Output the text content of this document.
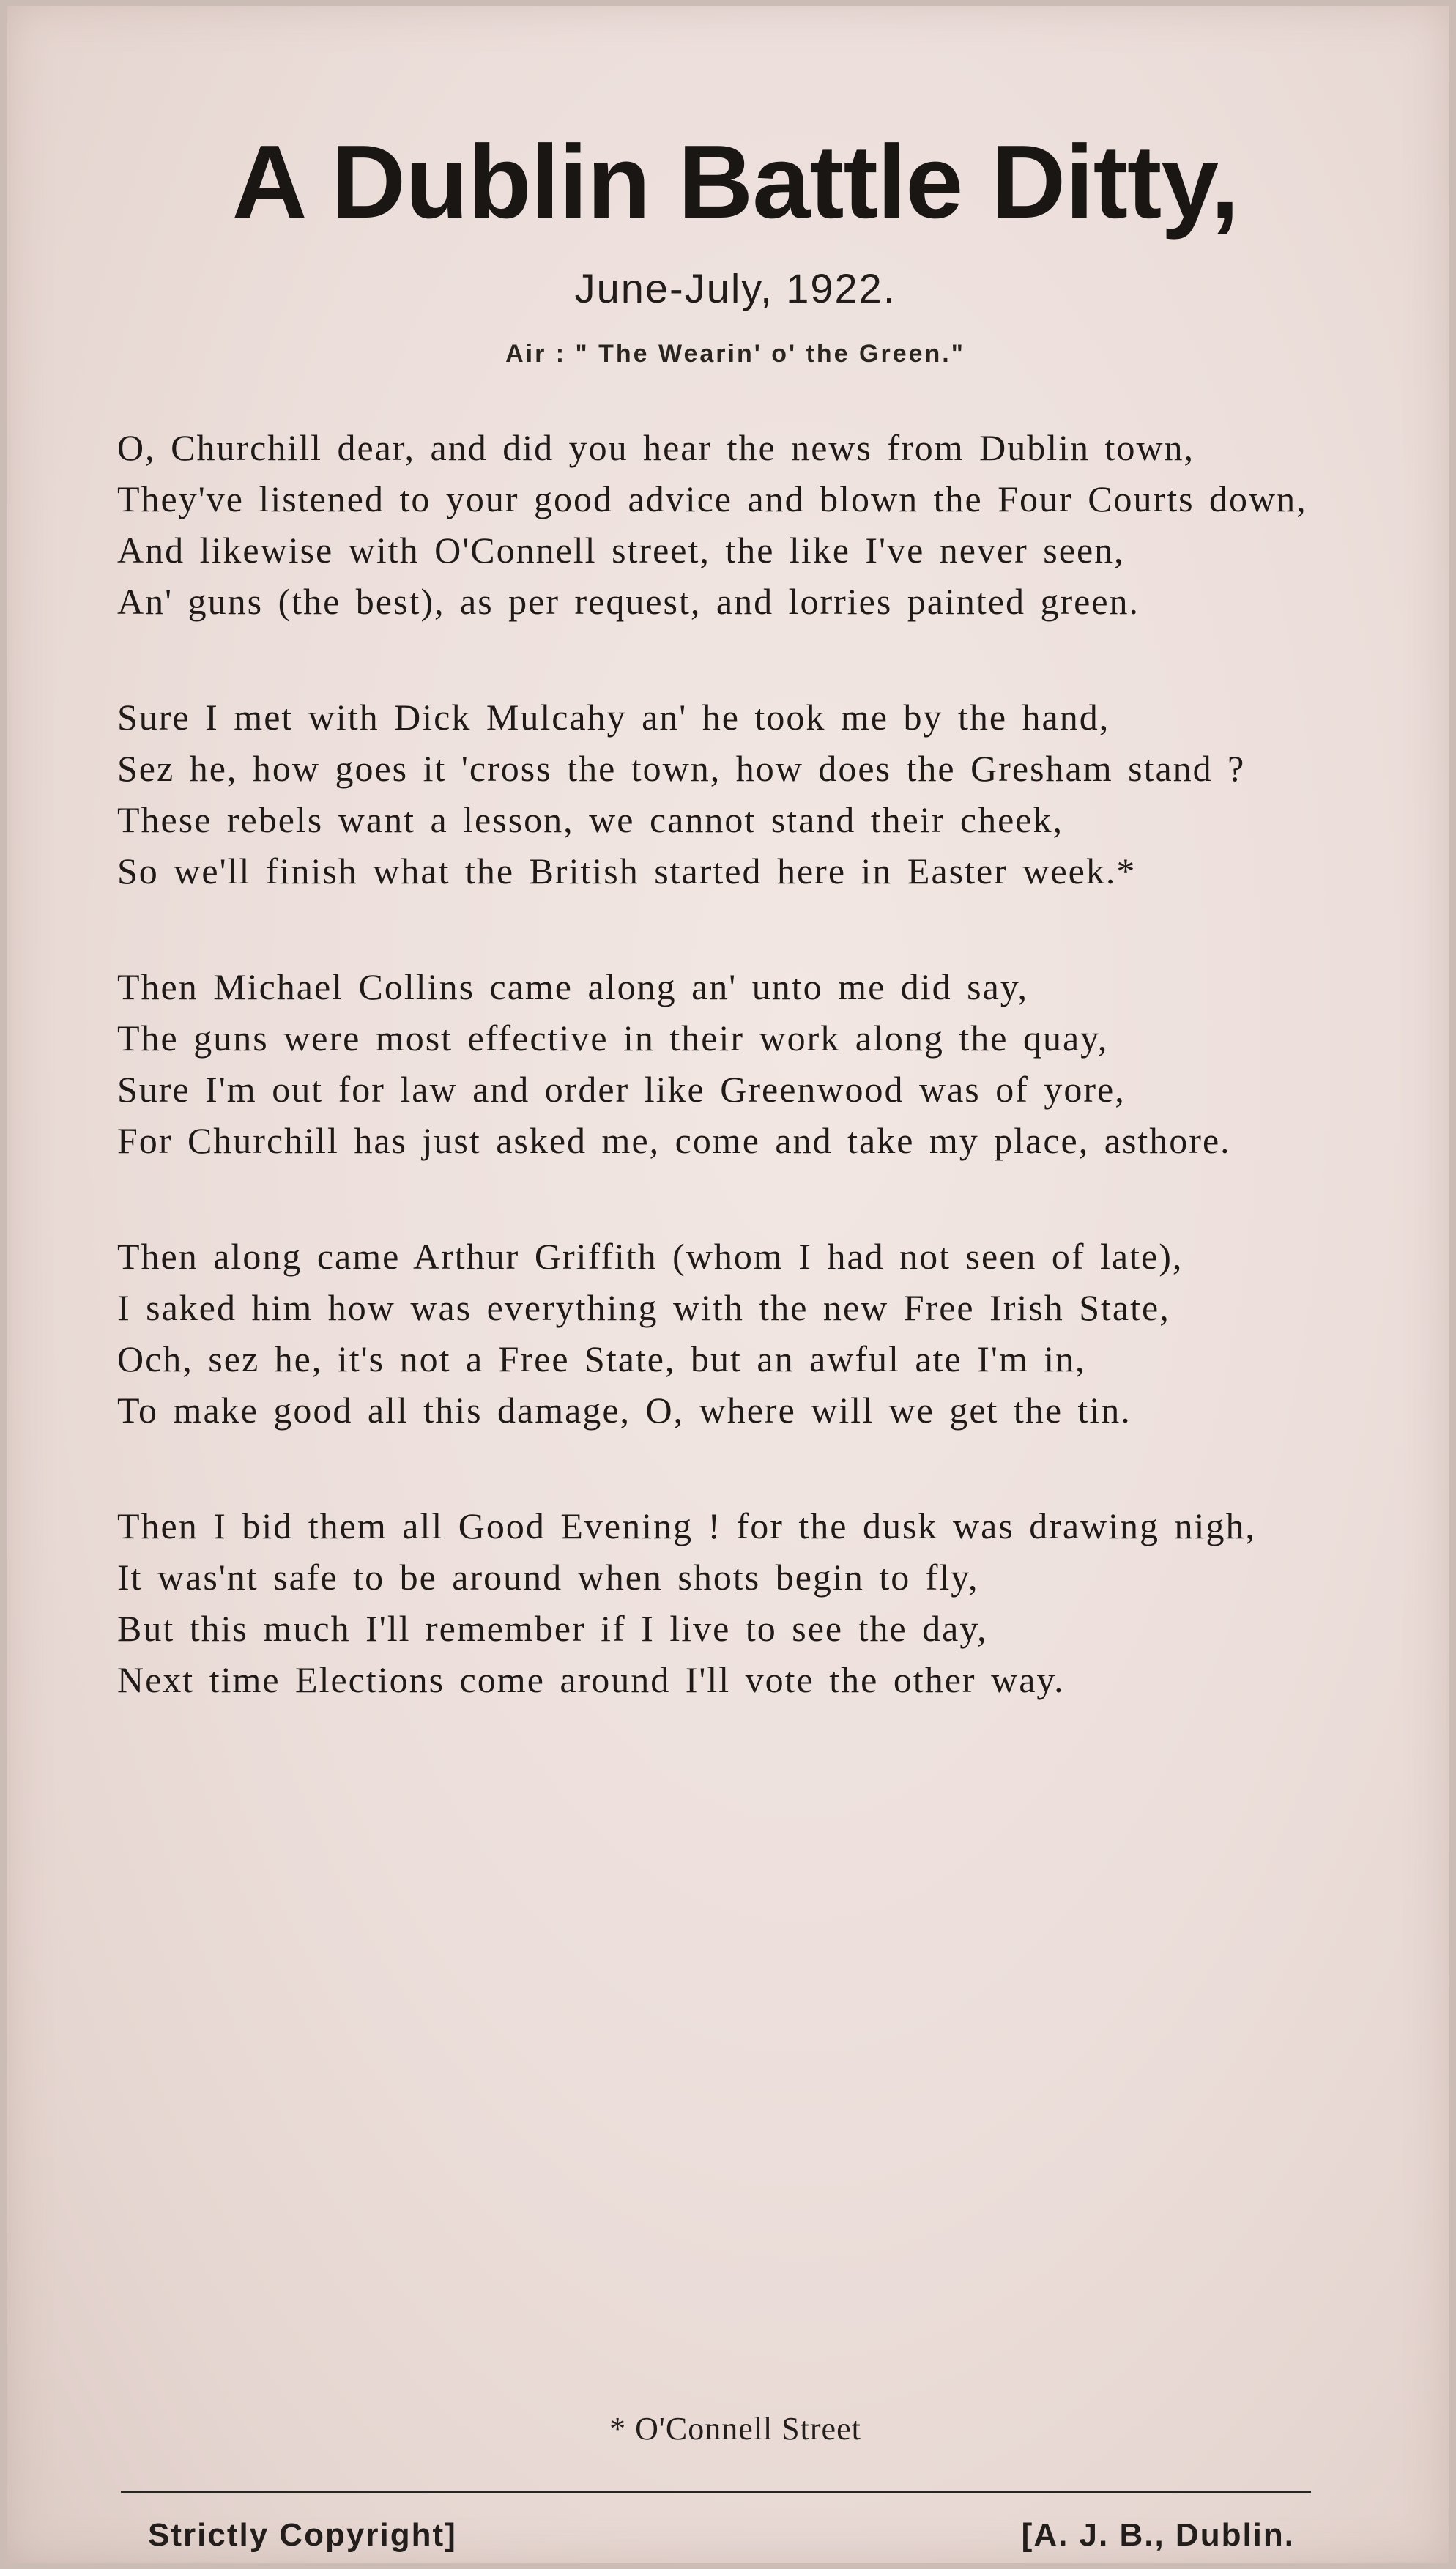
A Dublin Battle Ditty,
June-July, 1922.
Air : " The Wearin' o' the Green."
O, Churchill dear, and did you hear the news from Dublin town,
They've listened to your good advice and blown the Four Courts down,
And likewise with O'Connell street, the like I've never seen,
An' guns (the best), as per request, and lorries painted green.
Sure I met with Dick Mulcahy an' he took me by the hand,
Sez he, how goes it 'cross the town, how does the Gresham stand ?
These rebels want a lesson, we cannot stand their cheek,
So we'll finish what the British started here in Easter week.*
Then Michael Collins came along an' unto me did say,
The guns were most effective in their work along the quay,
Sure I'm out for law and order like Greenwood was of yore,
For Churchill has just asked me, come and take my place, asthore.
Then along came Arthur Griffith (whom I had not seen of late),
I saked him how was everything with the new Free Irish State,
Och, sez he, it's not a Free State, but an awful ate I'm in,
To make good all this damage, O, where will we get the tin.
Then I bid them all Good Evening ! for the dusk was drawing nigh,
It was'nt safe to be around when shots begin to fly,
But this much I'll remember if I live to see the day,
Next time Elections come around I'll vote the other way.
* O'Connell Street
Strictly Copyright]	[A. J. B., Dublin.
